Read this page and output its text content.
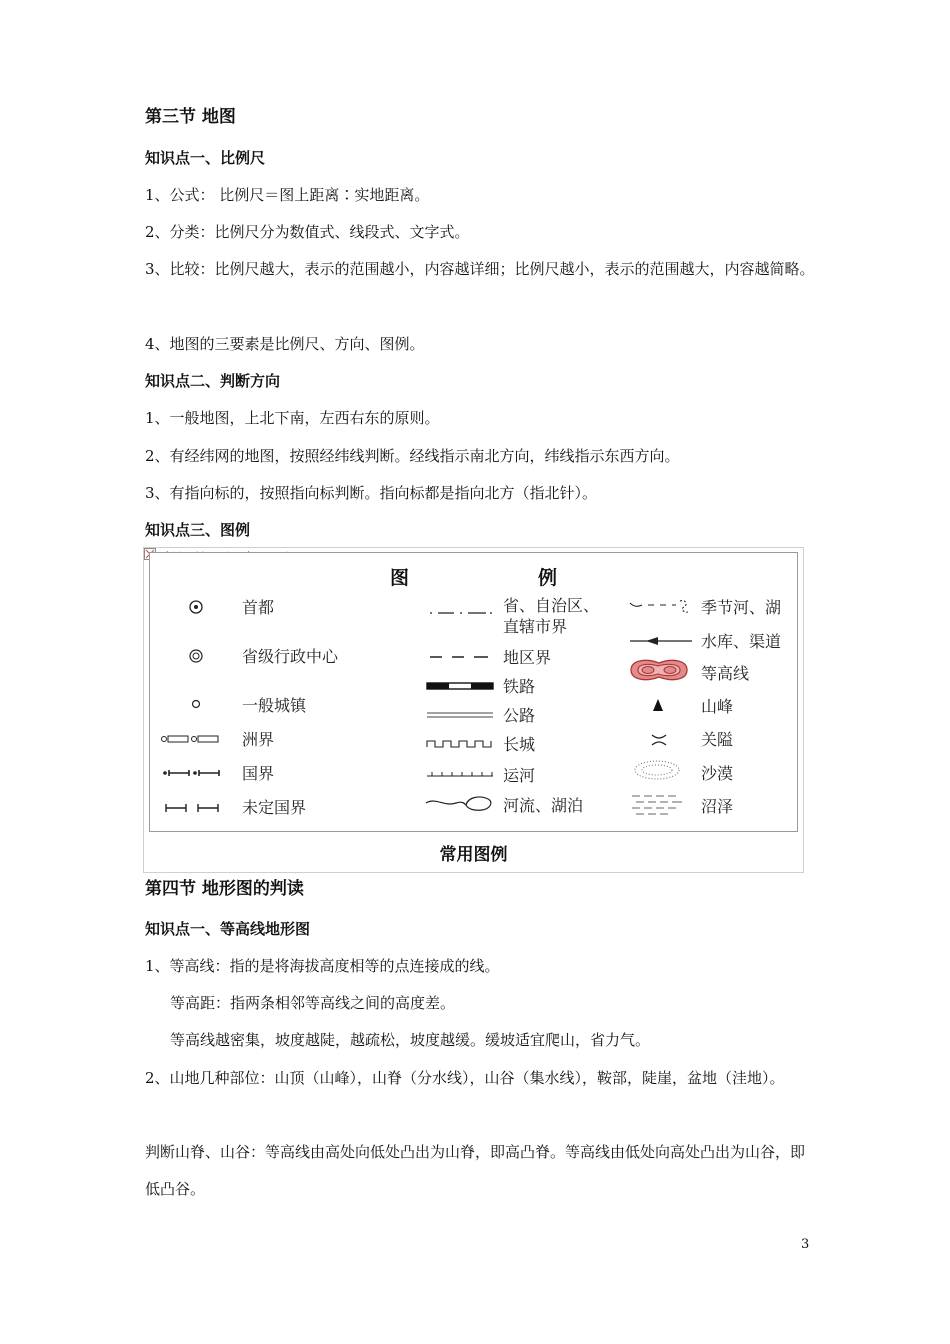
第三节 地图
知识点一、比例尺
1、公式： 比例尺＝图上距离∶实地距离。
2、分类：比例尺分为数值式、线段式、文字式。
3、比较：比例尺越大，表示的范围越小，内容越详细；比例尺越小，表示的范围越大，内容越简略。
4、地图的三要素是比例尺、方向、图例。
知识点二、判断方向
1、一般地图，上北下南，左西右东的原则。
2、有经纬网的地图，按照经纬线判断。经线指示南北方向，纬线指示东西方向。
3、有指向标的，按照指向标判断。指向标都是指向北方（指北针）。
知识点三、图例
图	例
首都
省级行政中心
一般城镇
洲界
国界
未定国界
省、自治区、
直辖市界
地区界
铁路
公路
长城
运河
河流、湖泊
季节河、湖
水库、渠道
等高线
山峰
关隘
沙漠
沼泽
常用图例
第四节 地形图的判读
知识点一、等高线地形图
1、等高线：指的是将海拔高度相等的点连接成的线。
等高距：指两条相邻等高线之间的高度差。
等高线越密集，坡度越陡，越疏松，坡度越缓。缓坡适宜爬山，省力气。
2、山地几种部位：山顶（山峰），山脊（分水线），山谷（集水线），鞍部，陡崖，盆地（洼地）。
判断山脊、山谷：等高线由高处向低处凸出为山脊，即高凸脊。等高线由低处向高处凸出为山谷，即低凸谷。
3
